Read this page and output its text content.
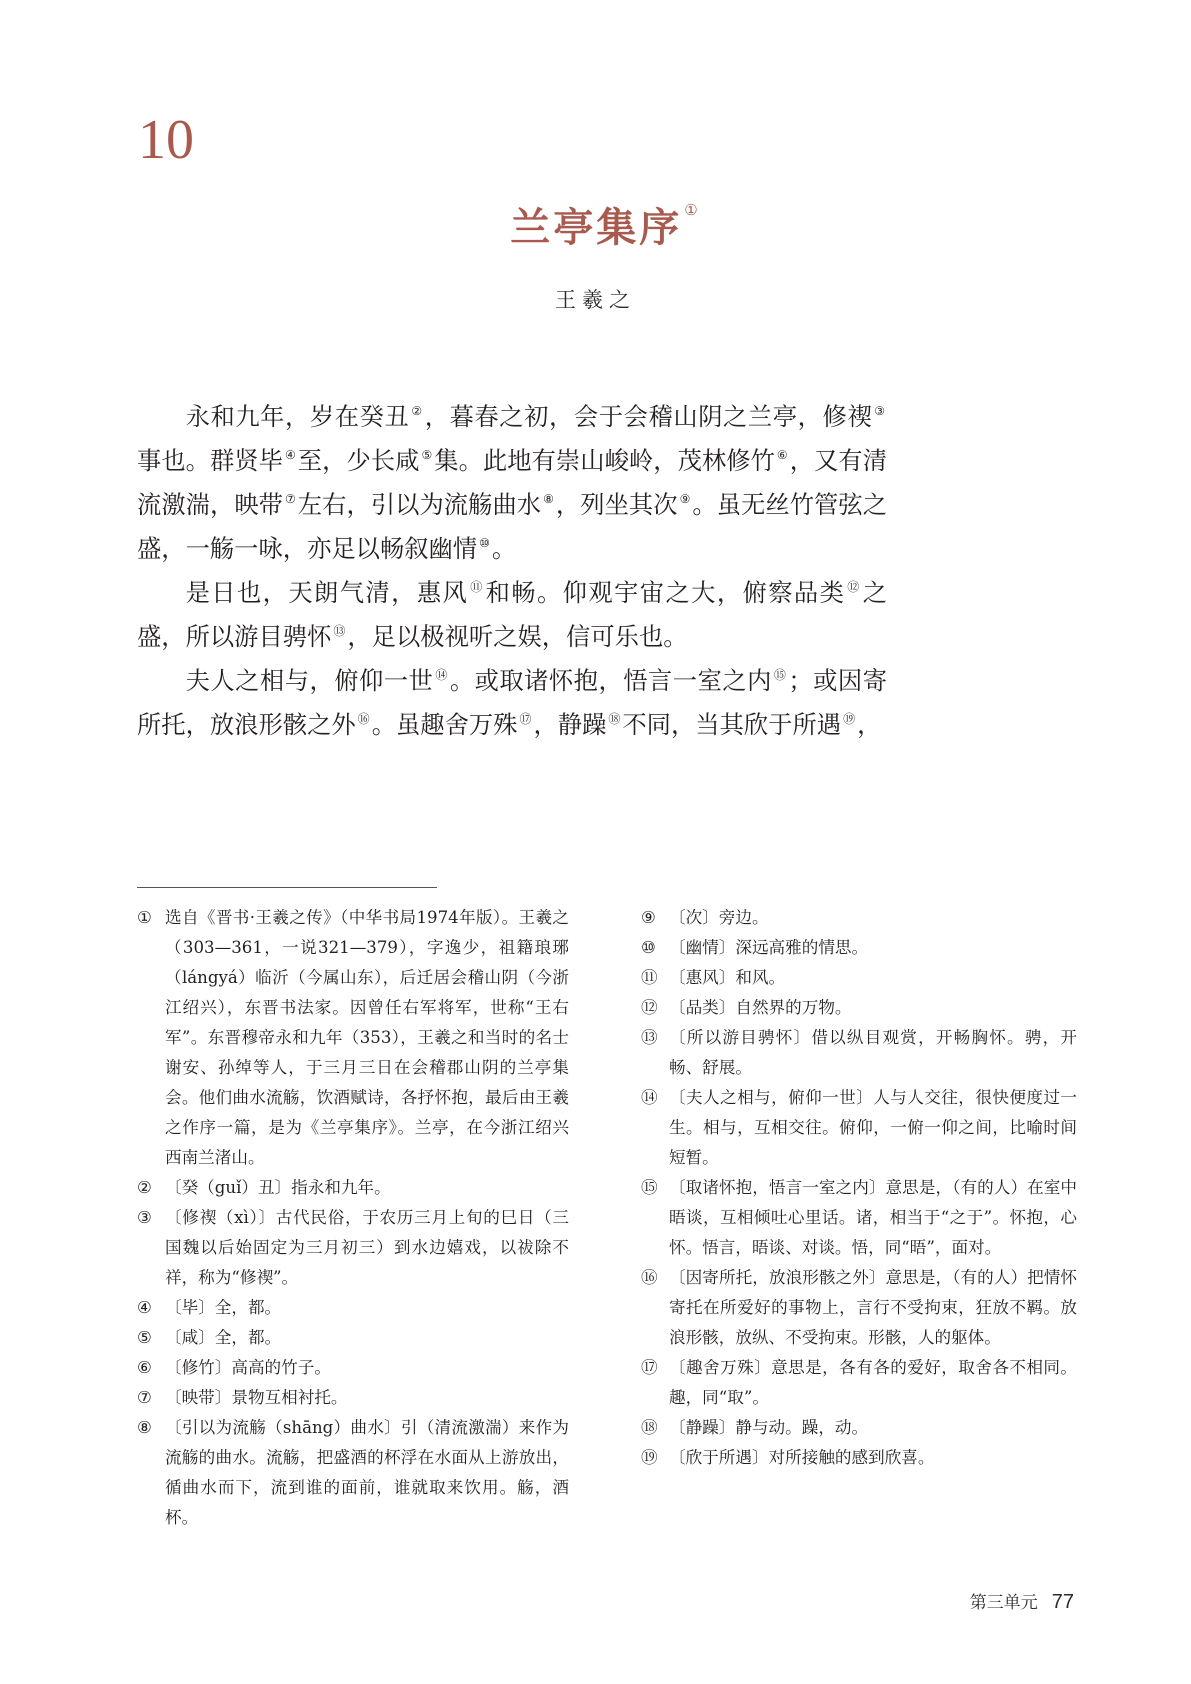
10
兰亭集序 ①
王羲之

永和九年，岁在癸丑 ②，暮春之初，会于会稽山阴之兰亭，修禊 ③事也。群贤毕 ④至，少长咸 ⑤集。此地有崇山峻岭，茂林修竹 ⑥，又有清流激湍，映带 ⑦左右，引以为流觞曲水 ⑧，列坐其次 ⑨。虽无丝竹管弦之盛，一觞一咏，亦足以畅叙幽情 ⑩。

是日也，天朗气清，惠风 ⑪和畅。仰观宇宙之大，俯察品类 ⑫之盛，所以游目骋怀 ⑬，足以极视听之娱，信可乐也。

夫人之相与，俯仰一世 ⑭。或取诸怀抱，悟言一室之内 ⑮；或因寄所托，放浪形骸之外 ⑯。虽趣舍万殊 ⑰，静躁 ⑱不同，当其欣于所遇 ⑲，

① 选自《晋书·王羲之传》（中华书局1974年版）。王羲之（303—361，一说321—379），字逸少，祖籍琅琊（lángyá）临沂（今属山东），后迁居会稽山阴（今浙江绍兴），东晋书法家。因曾任右军将军，世称“王右军”。东晋穆帝永和九年（353），王羲之和当时的名士谢安、孙绰等人，于三月三日在会稽郡山阴的兰亭集会。他们曲水流觞，饮酒赋诗，各抒怀抱，最后由王羲之作序一篇，是为《兰亭集序》。兰亭，在今浙江绍兴西南兰渚山。
② 〔癸（guǐ）丑〕指永和九年。
③ 〔修禊（xì）〕古代民俗，于农历三月上旬的巳日（三国魏以后始固定为三月初三）到水边嬉戏，以祓除不祥，称为“修禊”。
④ 〔毕〕全，都。
⑤ 〔咸〕全，都。
⑥ 〔修竹〕高高的竹子。
⑦ 〔映带〕景物互相衬托。
⑧ 〔引以为流觞（shāng）曲水〕引（清流激湍）来作为流觞的曲水。流觞，把盛酒的杯浮在水面从上游放出，循曲水而下，流到谁的面前，谁就取来饮用。觞，酒杯。
⑨ 〔次〕旁边。
⑩ 〔幽情〕深远高雅的情思。
⑪ 〔惠风〕和风。
⑫ 〔品类〕自然界的万物。
⑬ 〔所以游目骋怀〕借以纵目观赏，开畅胸怀。骋，开畅、舒展。
⑭ 〔夫人之相与，俯仰一世〕人与人交往，很快便度过一生。相与，互相交往。俯仰，一俯一仰之间，比喻时间短暂。
⑮ 〔取诸怀抱，悟言一室之内〕意思是，（有的人）在室中晤谈，互相倾吐心里话。诸，相当于“之于”。怀抱，心怀。悟言，晤谈、对谈。悟，同“晤”，面对。
⑯ 〔因寄所托，放浪形骸之外〕意思是，（有的人）把情怀寄托在所爱好的事物上，言行不受拘束，狂放不羁。放浪形骸，放纵、不受拘束。形骸，人的躯体。
⑰ 〔趣舍万殊〕意思是，各有各的爱好，取舍各不相同。趣，同“取”。
⑱ 〔静躁〕静与动。躁，动。
⑲ 〔欣于所遇〕对所接触的感到欣喜。
第三单元 77
